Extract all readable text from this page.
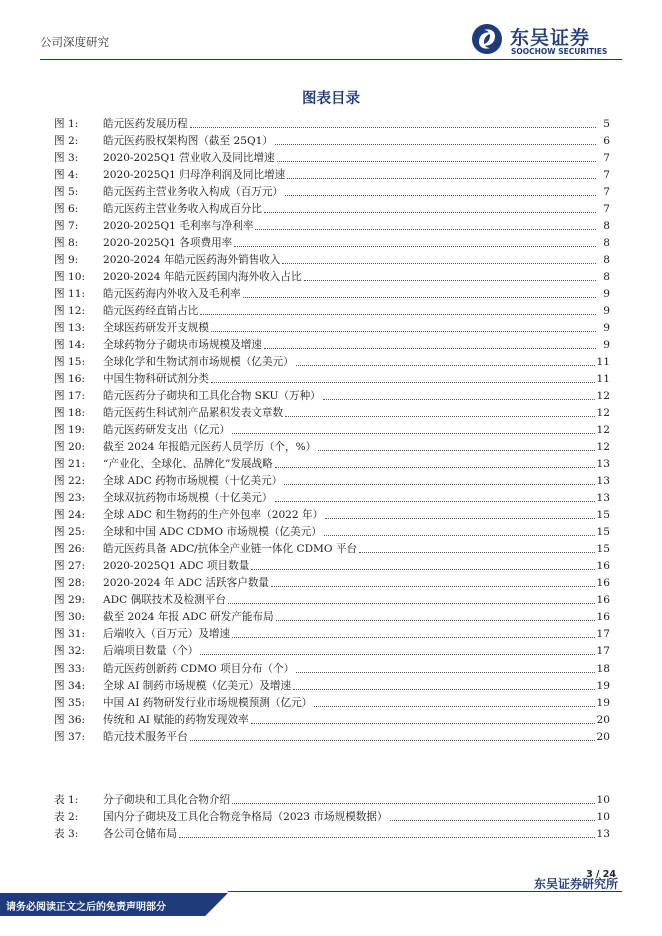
公司深度研究	东吴证券
SOOCHOW SECURITIES
图表目录
图 1:	皓元医药发展历程	5
图 2:	皓元医药股权架构图（截至 25Q1）	6
图 3:	2020-2025Q1 营业收入及同比增速	7
图 4:	2020-2025Q1 归母净利润及同比增速	7
图 5:	皓元医药主营业务收入构成（百万元）	7
图 6:	皓元医药主营业务收入构成百分比	7
图 7:	2020-2025Q1 毛利率与净利率	8
图 8:	2020-2025Q1 各项费用率	8
图 9:	2020-2024 年皓元医药海外销售收入	8
图 10:	2020-2024 年皓元医药国内海外收入占比	8
图 11:	皓元医药海内外收入及毛利率	9
图 12:	皓元医药经直销占比	9
图 13:	全球医药研发开支规模	9
图 14:	全球药物分子砌块市场规模及增速	9
图 15:	全球化学和生物试剂市场规模（亿美元）	11
图 16:	中国生物科研试剂分类	11
图 17:	皓元医药分子砌块和工具化合物 SKU（万种）	12
图 18:	皓元医药生科试剂产品累积发表文章数	12
图 19:	皓元医药研发支出（亿元）	12
图 20:	截至 2024 年报皓元医药人员学历（个，%）	12
图 21:	“产业化、全球化、品牌化”发展战略	13
图 22:	全球 ADC 药物市场规模（十亿美元）	13
图 23:	全球双抗药物市场规模（十亿美元）	13
图 24:	全球 ADC 和生物药的生产外包率（2022 年）	15
图 25:	全球和中国 ADC CDMO 市场规模（亿美元）	15
图 26:	皓元医药具备 ADC/抗体全产业链一体化 CDMO 平台	15
图 27:	2020-2025Q1 ADC 项目数量	16
图 28:	2020-2024 年 ADC 活跃客户数量	16
图 29:	ADC 偶联技术及检测平台	16
图 30:	截至 2024 年报 ADC 研发产能布局	16
图 31:	后端收入（百万元）及增速	17
图 32:	后端项目数量（个）	17
图 33:	皓元医药创新药 CDMO 项目分布（个）	18
图 34:	全球 AI 制药市场规模（亿美元）及增速	19
图 35:	中国 AI 药物研发行业市场规模预测（亿元）	19
图 36:	传统和 AI 赋能的药物发现效率	20
图 37:	皓元技术服务平台	20
表 1:	分子砌块和工具化合物介绍	10
表 2:	国内分子砌块及工具化合物竞争格局（2023 市场规模数据）	10
表 3:	各公司仓储布局	13
3 / 24
东吴证券研究所
请务必阅读正文之后的免责声明部分
